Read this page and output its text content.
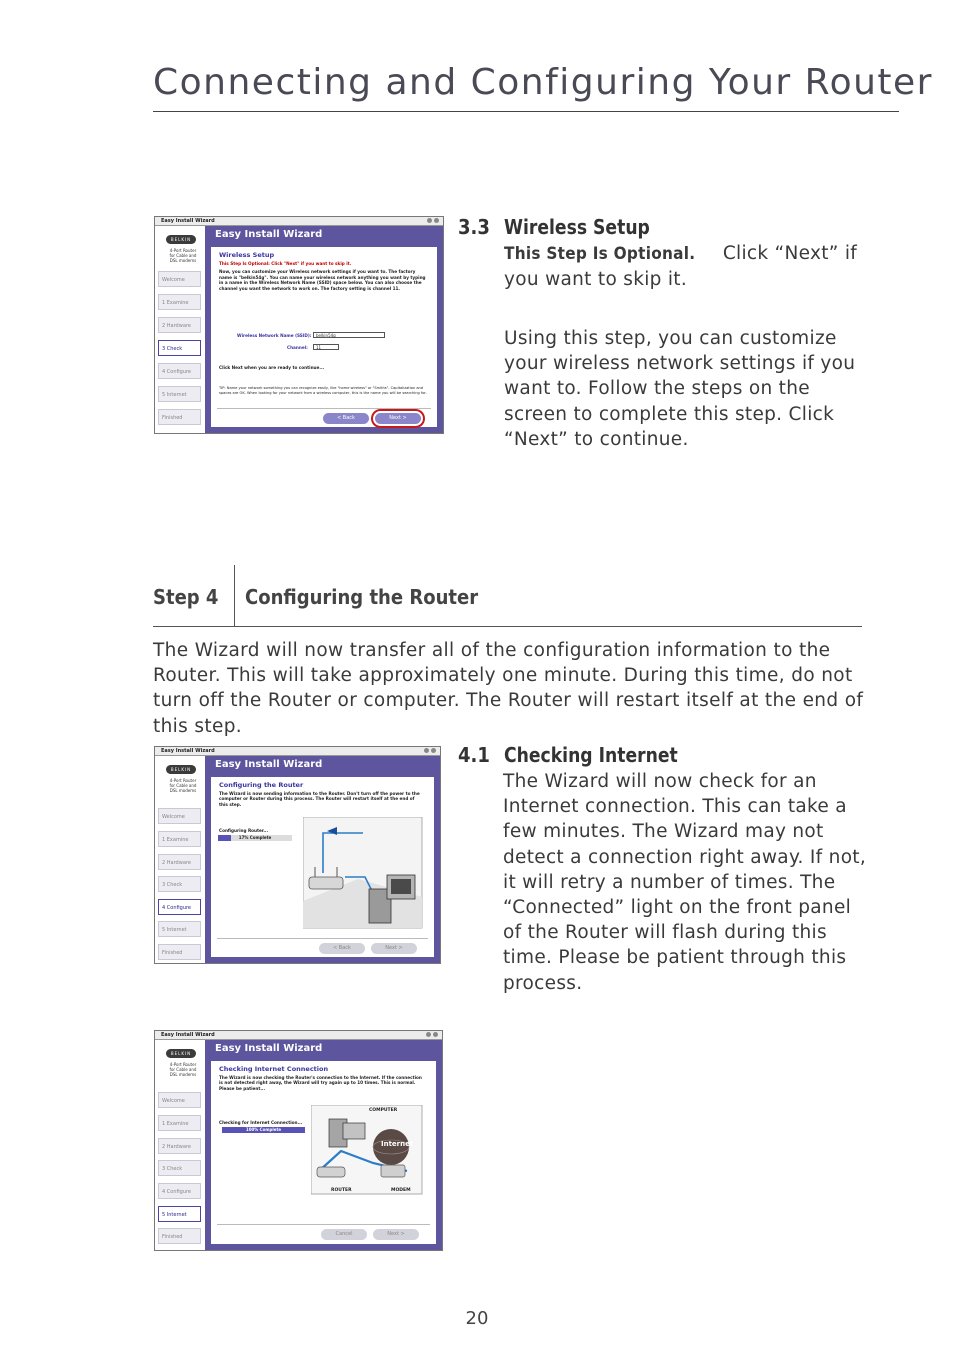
Connecting and Configuring Your Router
Easy Install Wizard
BELKIN
4-Port Router
for Cable and DSL modems
Welcome
1 Examine
2 Hardware
3 Check
4 Configure
5 Internet
Finished
Easy Install Wizard
Wireless Setup
This Step Is Optional: Click "Next" if you want to skip it.
Now, you can customize your Wireless network settings if you want to. The factory name is "belkin54g". You can name your wireless network anything you want by typing in a name in the Wireless Network Name (SSID) space below. You can also choose the channel you want the network to work on. The factory setting is channel 11.
Wireless Network Name (SSID):	belkin54g
Channel:	11
Click Next when you are ready to continue...
TIP: Name your network something you can recognize easily, like "home wireless" or "Smiths". Capitalization and spaces are OK. When looking for your network from a wireless computer, this is the name you will be searching for.
< Back	Next >
3.3 Wireless Setup
This Step Is Optional. Click “Next” if you want to skip it.
Using this step, you can customize your wireless network settings if you want to. Follow the steps on the screen to complete this step. Click “Next” to continue.
Step 4 Configuring the Router
The Wizard will now transfer all of the configuration information to the Router. This will take approximately one minute. During this time, do not turn off the Router or computer. The Router will restart itself at the end of this step.
Easy Install Wizard
BELKIN
4-Port Router
for Cable and DSL modems
Welcome
1 Examine
2 Hardware
3 Check
4 Configure
5 Internet
Finished
Easy Install Wizard
Configuring the Router
The Wizard is now sending information to the Router. Don't turn off the power to the computer or Router during this process. The Router will restart itself at the end of this step.
Configuring Router...
17% Complete
< Back	Next >
4.1 Checking Internet
The Wizard will now check for an Internet connection. This can take a few minutes. The Wizard may not detect a connection right away. If not, it will retry a number of times. The “Connected” light on the front panel of the Router will flash during this time. Please be patient through this process.
Easy Install Wizard
BELKIN
4-Port Router
for Cable and DSL modems
Welcome
1 Examine
2 Hardware
3 Check
4 Configure
5 Internet
Finished
Easy Install Wizard
Checking Internet Connection
The Wizard is now checking the Router's connection to the Internet. If the connection is not detected right away, the Wizard will try again up to 10 times. This is normal. Please be patient...
Checking for Internet Connection...
100% Complete
COMPUTER
Internet
ROUTER	MODEM
Cancel	Next >
20
